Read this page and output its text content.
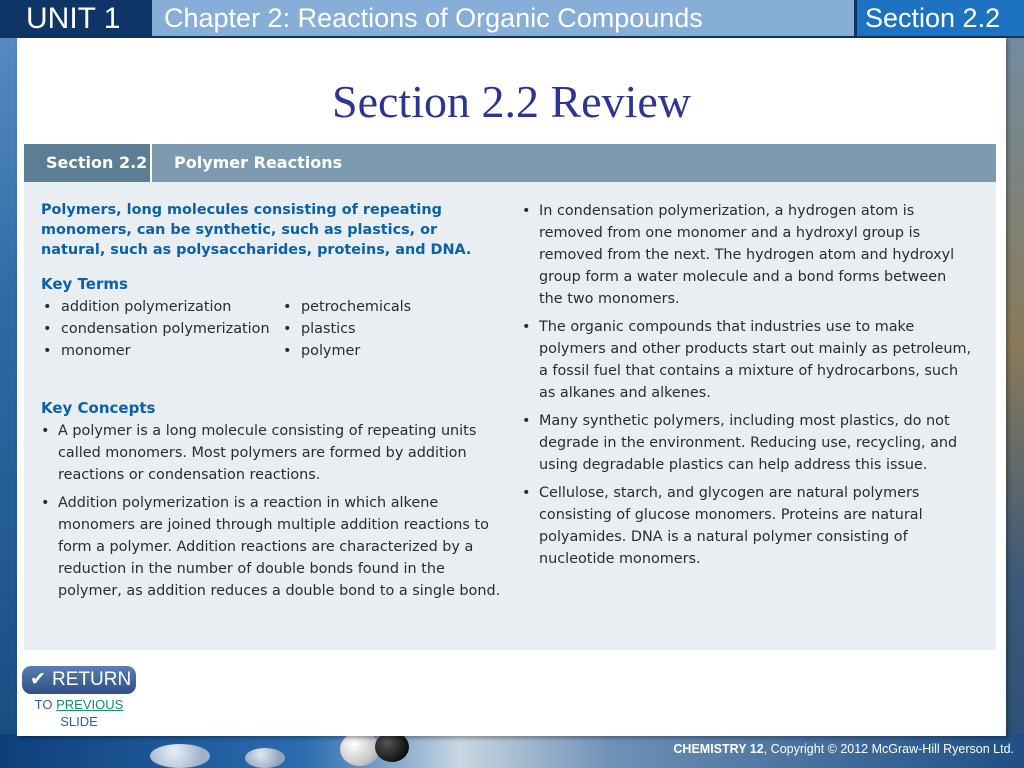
UNIT 1	Chapter 2: Reactions of Organic Compounds	Section 2.2
Section 2.2 Review
Section 2.2 Polymer Reactions
Polymers, long molecules consisting of repeating monomers, can be synthetic, such as plastics, or natural, such as polysaccharides, proteins, and DNA.
Key Terms
• addition polymerization
• condensation polymerization
• monomer
• petrochemicals
• plastics
• polymer
Key Concepts
• A polymer is a long molecule consisting of repeating units called monomers. Most polymers are formed by addition reactions or condensation reactions.
• Addition polymerization is a reaction in which alkene monomers are joined through multiple addition reactions to form a polymer. Addition reactions are characterized by a reduction in the number of double bonds found in the polymer, as addition reduces a double bond to a single bond.
• In condensation polymerization, a hydrogen atom is removed from one monomer and a hydroxyl group is removed from the next. The hydrogen atom and hydroxyl group form a water molecule and a bond forms between the two monomers.
• The organic compounds that industries use to make polymers and other products start out mainly as petroleum, a fossil fuel that contains a mixture of hydrocarbons, such as alkanes and alkenes.
• Many synthetic polymers, including most plastics, do not degrade in the environment. Reducing use, recycling, and using degradable plastics can help address this issue.
• Cellulose, starch, and glycogen are natural polymers consisting of glucose monomers. Proteins are natural polyamides. DNA is a natural polymer consisting of nucleotide monomers.
✔ RETURN
TO PREVIOUS
SLIDE
CHEMISTRY 12, Copyright © 2012 McGraw-Hill Ryerson Ltd.
